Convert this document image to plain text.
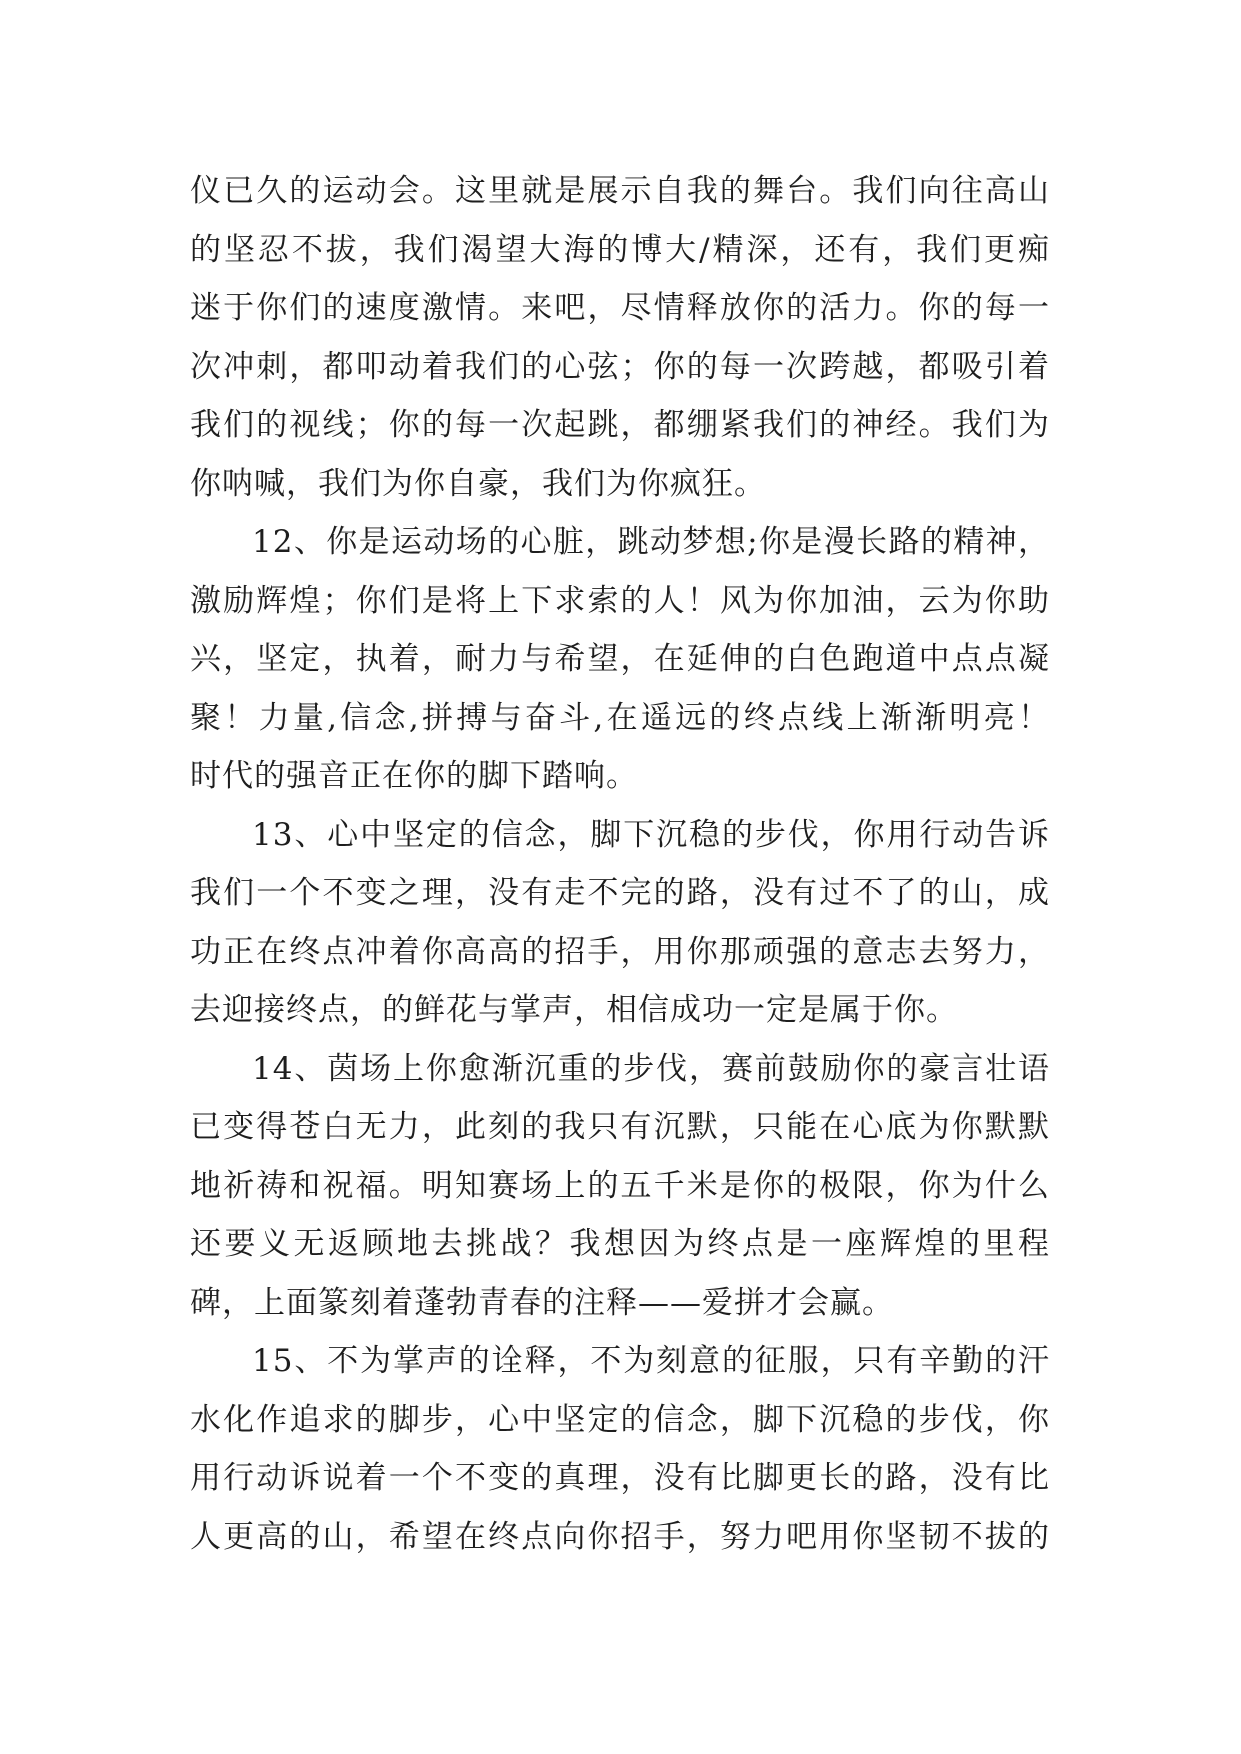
仪已久的运动会。这里就是展示自我的舞台。我们向往高山
的坚忍不拔，我们渴望大海的博大/精深，还有，我们更痴
迷于你们的速度激情。来吧，尽情释放你的活力。你的每一
次冲刺，都叩动着我们的心弦；你的每一次跨越，都吸引着
我们的视线；你的每一次起跳，都绷紧我们的神经。我们为
你呐喊，我们为你自豪，我们为你疯狂。
12、你是运动场的心脏，跳动梦想;你是漫长路的精神，
激励辉煌；你们是将上下求索的人！风为你加油，云为你助
兴，坚定，执着，耐力与希望，在延伸的白色跑道中点点凝
聚！力量,信念,拼搏与奋斗,在遥远的终点线上渐渐明亮！
时代的强音正在你的脚下踏响。
13、心中坚定的信念，脚下沉稳的步伐，你用行动告诉
我们一个不变之理，没有走不完的路，没有过不了的山，成
功正在终点冲着你高高的招手，用你那顽强的意志去努力，
去迎接终点，的鲜花与掌声，相信成功一定是属于你。
14、茵场上你愈渐沉重的步伐，赛前鼓励你的豪言壮语
已变得苍白无力，此刻的我只有沉默，只能在心底为你默默
地祈祷和祝福。明知赛场上的五千米是你的极限，你为什么
还要义无返顾地去挑战？我想因为终点是一座辉煌的里程
碑，上面篆刻着蓬勃青春的注释——爱拼才会赢。
15、不为掌声的诠释，不为刻意的征服，只有辛勤的汗
水化作追求的脚步，心中坚定的信念，脚下沉稳的步伐，你
用行动诉说着一个不变的真理，没有比脚更长的路，没有比
人更高的山，希望在终点向你招手，努力吧用你坚韧不拔的
